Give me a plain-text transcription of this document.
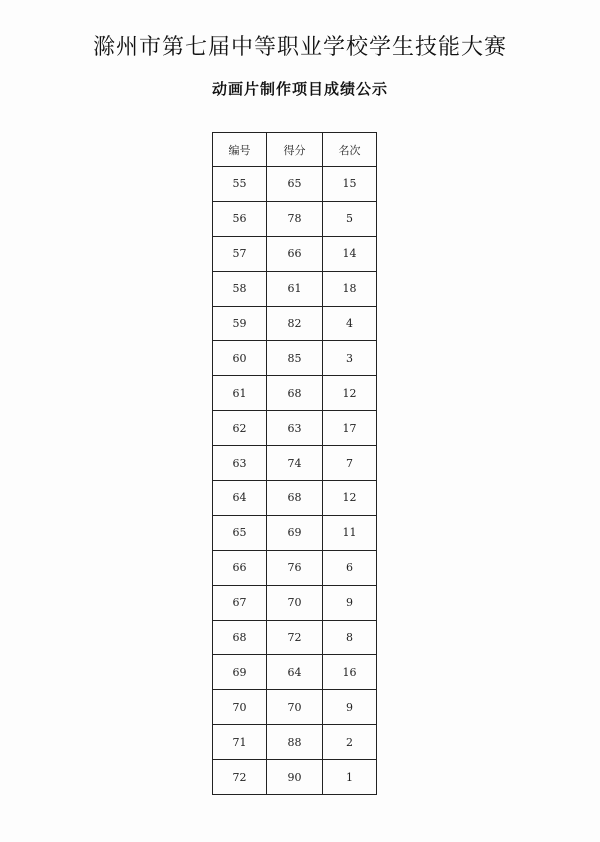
滁州市第七届中等职业学校学生技能大赛
动画片制作项目成绩公示
编号	得分	名次
55	65	15
56	78	5
57	66	14
58	61	18
59	82	4
60	85	3
61	68	12
62	63	17
63	74	7
64	68	12
65	69	11
66	76	6
67	70	9
68	72	8
69	64	16
70	70	9
71	88	2
72	90	1
